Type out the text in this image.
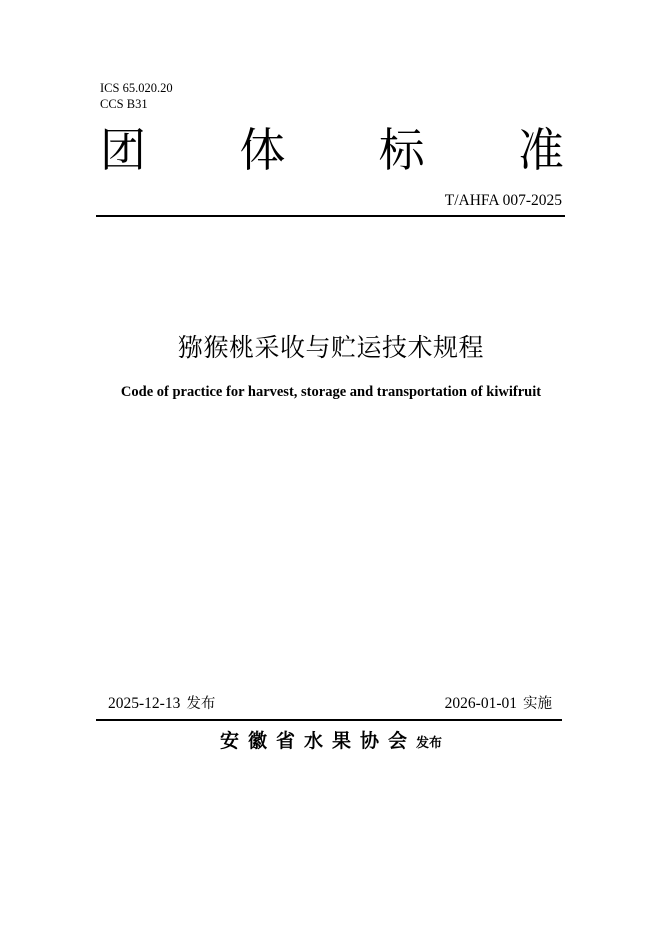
ICS 65.020.20
CCS B31
团 体 标 准
T/AHFA 007-2025
猕猴桃采收与贮运技术规程
Code of practice for harvest, storage and transportation of kiwifruit
2025-12-13 发布	2026-01-01 实施
安徽省水果协会发布
